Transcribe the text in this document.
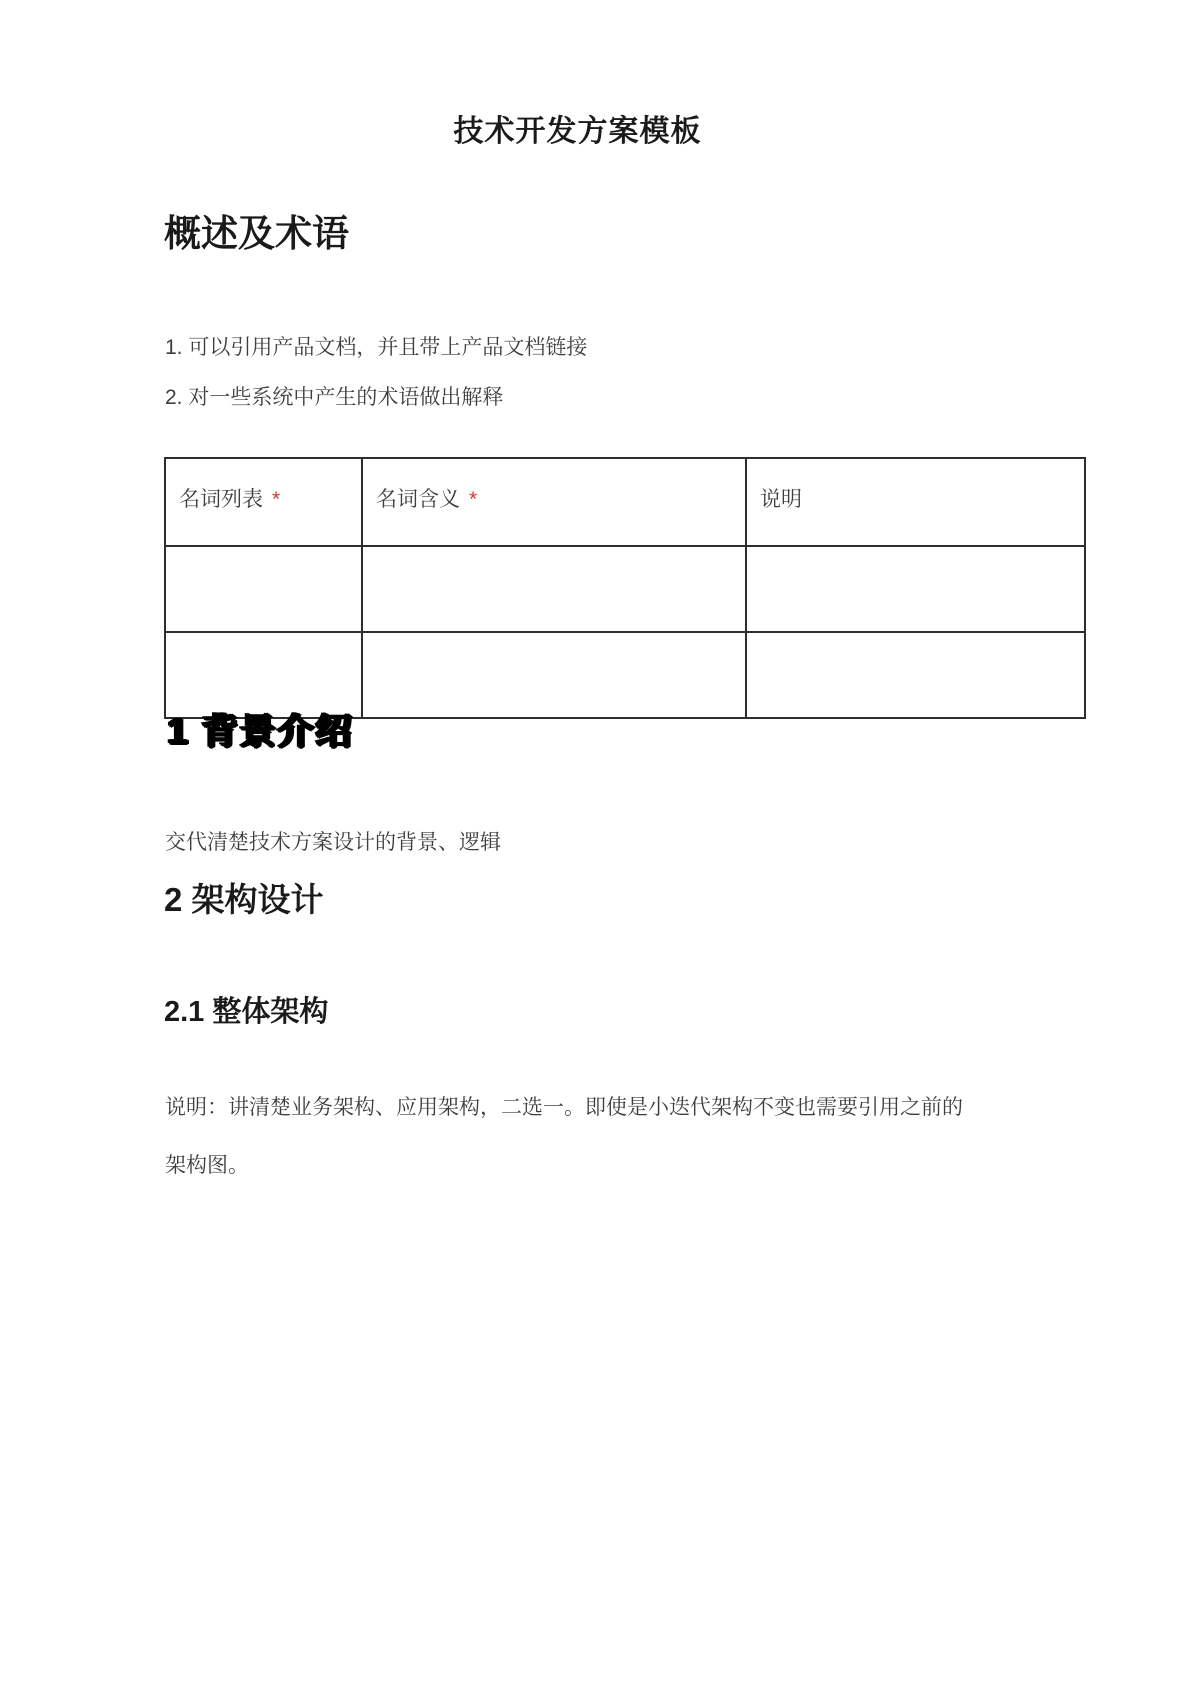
技术开发方案模板
概述及术语
1. 可以引用产品文档，并且带上产品文档链接
2. 对一些系统中产生的术语做出解释
名词列表 *	名词含义 *	说明

1 背景介绍
交代清楚技术方案设计的背景、逻辑
2 架构设计
2.1 整体架构
说明：讲清楚业务架构、应用架构，二选一。即使是小迭代架构不变也需要引用之前的架构图。
